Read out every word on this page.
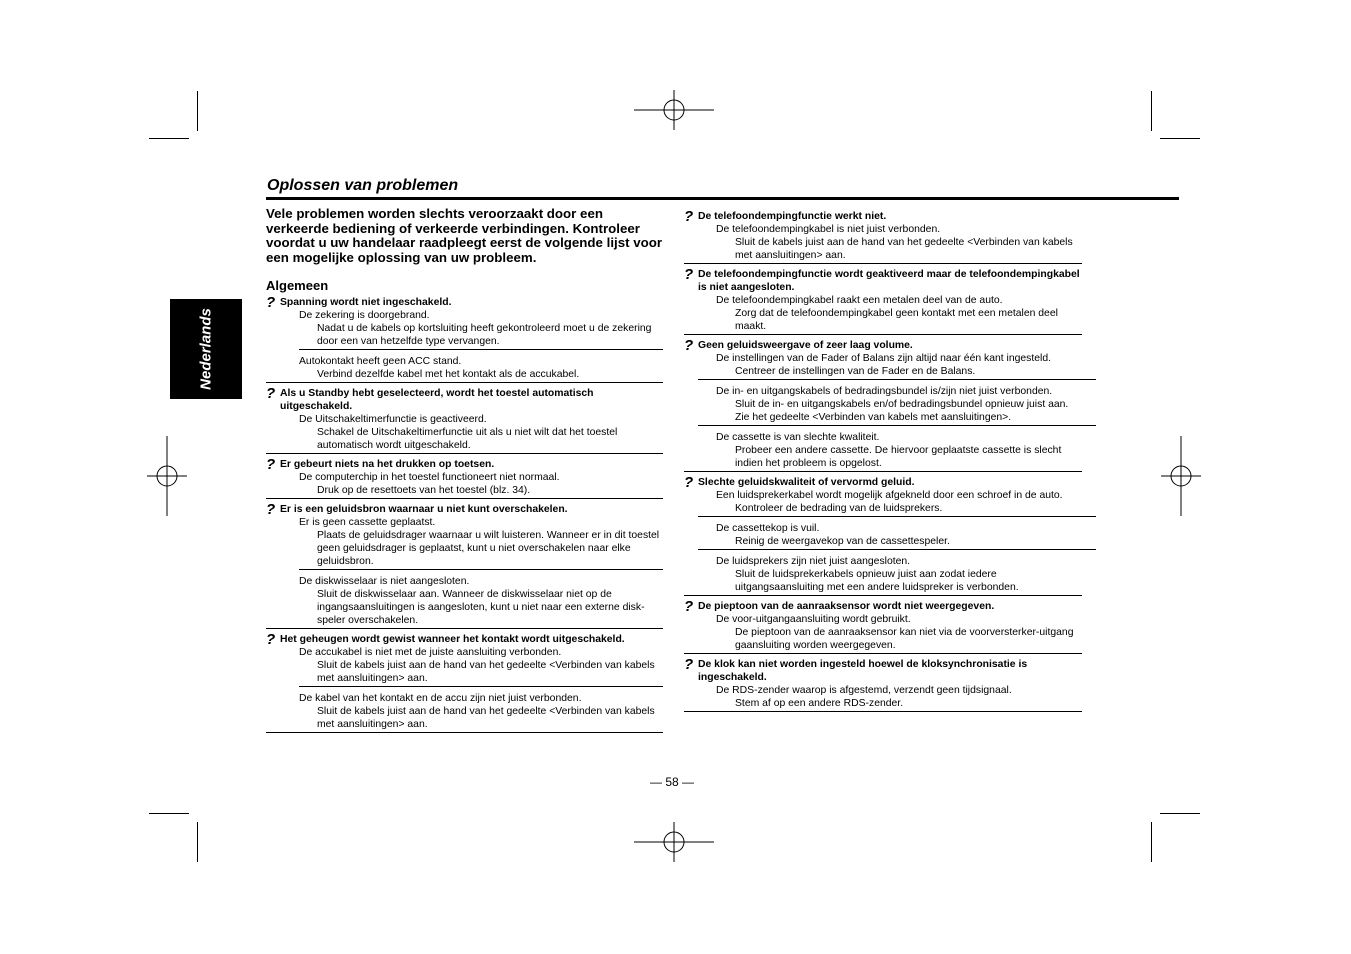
Nederlands
Oplossen van problemen
Vele problemen worden slechts veroorzaakt door een verkeerde bediening of verkeerde verbindingen. Kontroleer voordat u uw handelaar raadpleegt eerst de volgende lijst voor een mogelijke oplossing van uw probleem.
Algemeen
? Spanning wordt niet ingeschakeld.
De zekering is doorgebrand.
Nadat u de kabels op kortsluiting heeft gekontroleerd moet u de zekering door een van hetzelfde type vervangen.
Autokontakt heeft geen ACC stand.
Verbind dezelfde kabel met het kontakt als de accukabel.
? Als u Standby hebt geselecteerd, wordt het toestel automatisch uitgeschakeld.
De Uitschakeltimerfunctie is geactiveerd.
Schakel de Uitschakeltimerfunctie uit als u niet wilt dat het toestel automatisch wordt uitgeschakeld.
? Er gebeurt niets na het drukken op toetsen.
De computerchip in het toestel functioneert niet normaal.
Druk op de resettoets van het toestel (blz. 34).
? Er is een geluidsbron waarnaar u niet kunt overschakelen.
Er is geen cassette geplaatst.
Plaats de geluidsdrager waarnaar u wilt luisteren. Wanneer er in dit toestel geen geluidsdrager is geplaatst, kunt u niet overschakelen naar elke geluidsbron.
De diskwisselaar is niet aangesloten.
Sluit de diskwisselaar aan. Wanneer de diskwisselaar niet op de ingangsaansluitingen is aangesloten, kunt u niet naar een externe disk-speler overschakelen.
? Het geheugen wordt gewist wanneer het kontakt wordt uitgeschakeld.
De accukabel is niet met de juiste aansluiting verbonden.
Sluit de kabels juist aan de hand van het gedeelte <Verbinden van kabels met aansluitingen> aan.
De kabel van het kontakt en de accu zijn niet juist verbonden.
Sluit de kabels juist aan de hand van het gedeelte <Verbinden van kabels met aansluitingen> aan.
? De telefoondempingfunctie werkt niet.
De telefoondempingkabel is niet juist verbonden.
Sluit de kabels juist aan de hand van het gedeelte <Verbinden van kabels met aansluitingen> aan.
? De telefoondempingfunctie wordt geaktiveerd maar de telefoondempingkabel is niet aangesloten.
De telefoondempingkabel raakt een metalen deel van de auto.
Zorg dat de telefoondempingkabel geen kontakt met een metalen deel maakt.
? Geen geluidsweergave of zeer laag volume.
De instellingen van de Fader of Balans zijn altijd naar één kant ingesteld.
Centreer de instellingen van de Fader en de Balans.
De in- en uitgangskabels of bedradingsbundel is/zijn niet juist verbonden.
Sluit de in- en uitgangskabels en/of bedradingsbundel opnieuw juist aan. Zie het gedeelte <Verbinden van kabels met aansluitingen>.
De cassette is van slechte kwaliteit.
Probeer een andere cassette. De hiervoor geplaatste cassette is slecht indien het probleem is opgelost.
? Slechte geluidskwaliteit of vervormd geluid.
Een luidsprekerkabel wordt mogelijk afgekneld door een schroef in de auto.
Kontroleer de bedrading van de luidsprekers.
De cassettekop is vuil.
Reinig de weergavekop van de cassettespeler.
De luidsprekers zijn niet juist aangesloten.
Sluit de luidsprekerkabels opnieuw juist aan zodat iedere uitgangsaansluiting met een andere luidspreker is verbonden.
? De pieptoon van de aanraaksensor wordt niet weergegeven.
De voor-uitgangaansluiting wordt gebruikt.
De pieptoon van de aanraaksensor kan niet via de voorversterker-uitgang gaansluiting worden weergegeven.
? De klok kan niet worden ingesteld hoewel de kloksynchronisatie is ingeschakeld.
De RDS-zender waarop is afgestemd, verzendt geen tijdsignaal.
Stem af op een andere RDS-zender.
— 58 —
